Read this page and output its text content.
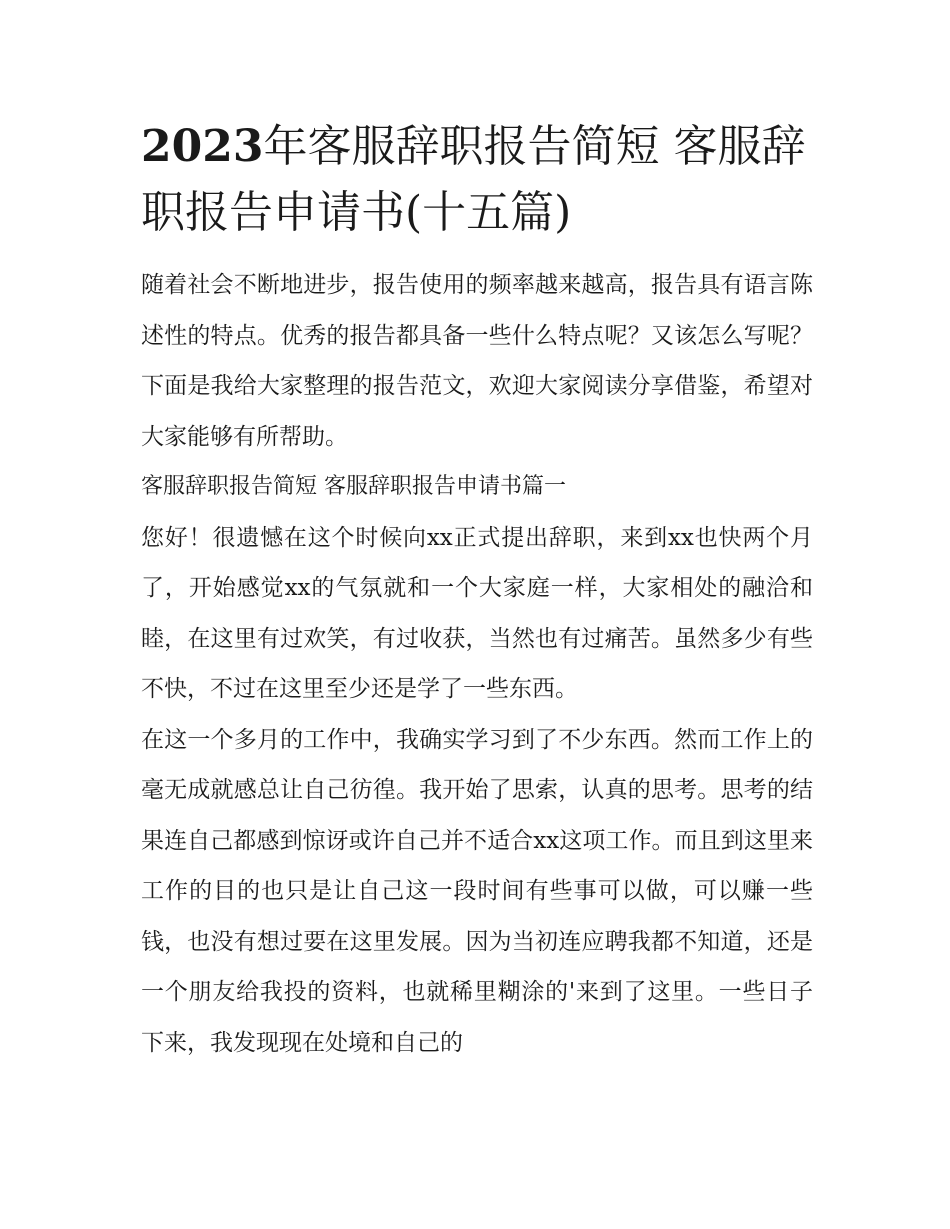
2023年客服辞职报告简短 客服辞职报告申请书(十五篇)

随着社会不断地进步，报告使用的频率越来越高，报告具有语言陈述性的特点。优秀的报告都具备一些什么特点呢？又该怎么写呢？下面是我给大家整理的报告范文，欢迎大家阅读分享借鉴，希望对大家能够有所帮助。

客服辞职报告简短 客服辞职报告申请书篇一

您好！很遗憾在这个时候向xx正式提出辞职，来到xx也快两个月了，开始感觉xx的气氛就和一个大家庭一样，大家相处的融洽和睦，在这里有过欢笑，有过收获，当然也有过痛苦。虽然多少有些不快，不过在这里至少还是学了一些东西。

在这一个多月的工作中，我确实学习到了不少东西。然而工作上的毫无成就感总让自己彷徨。我开始了思索，认真的思考。思考的结果连自己都感到惊讶或许自己并不适合xx这项工作。而且到这里来工作的目的也只是让自己这一段时间有些事可以做，可以赚一些钱，也没有想过要在这里发展。因为当初连应聘我都不知道，还是一个朋友给我投的资料，也就稀里糊涂的'来到了这里。一些日子下来，我发现现在处境和自己的
